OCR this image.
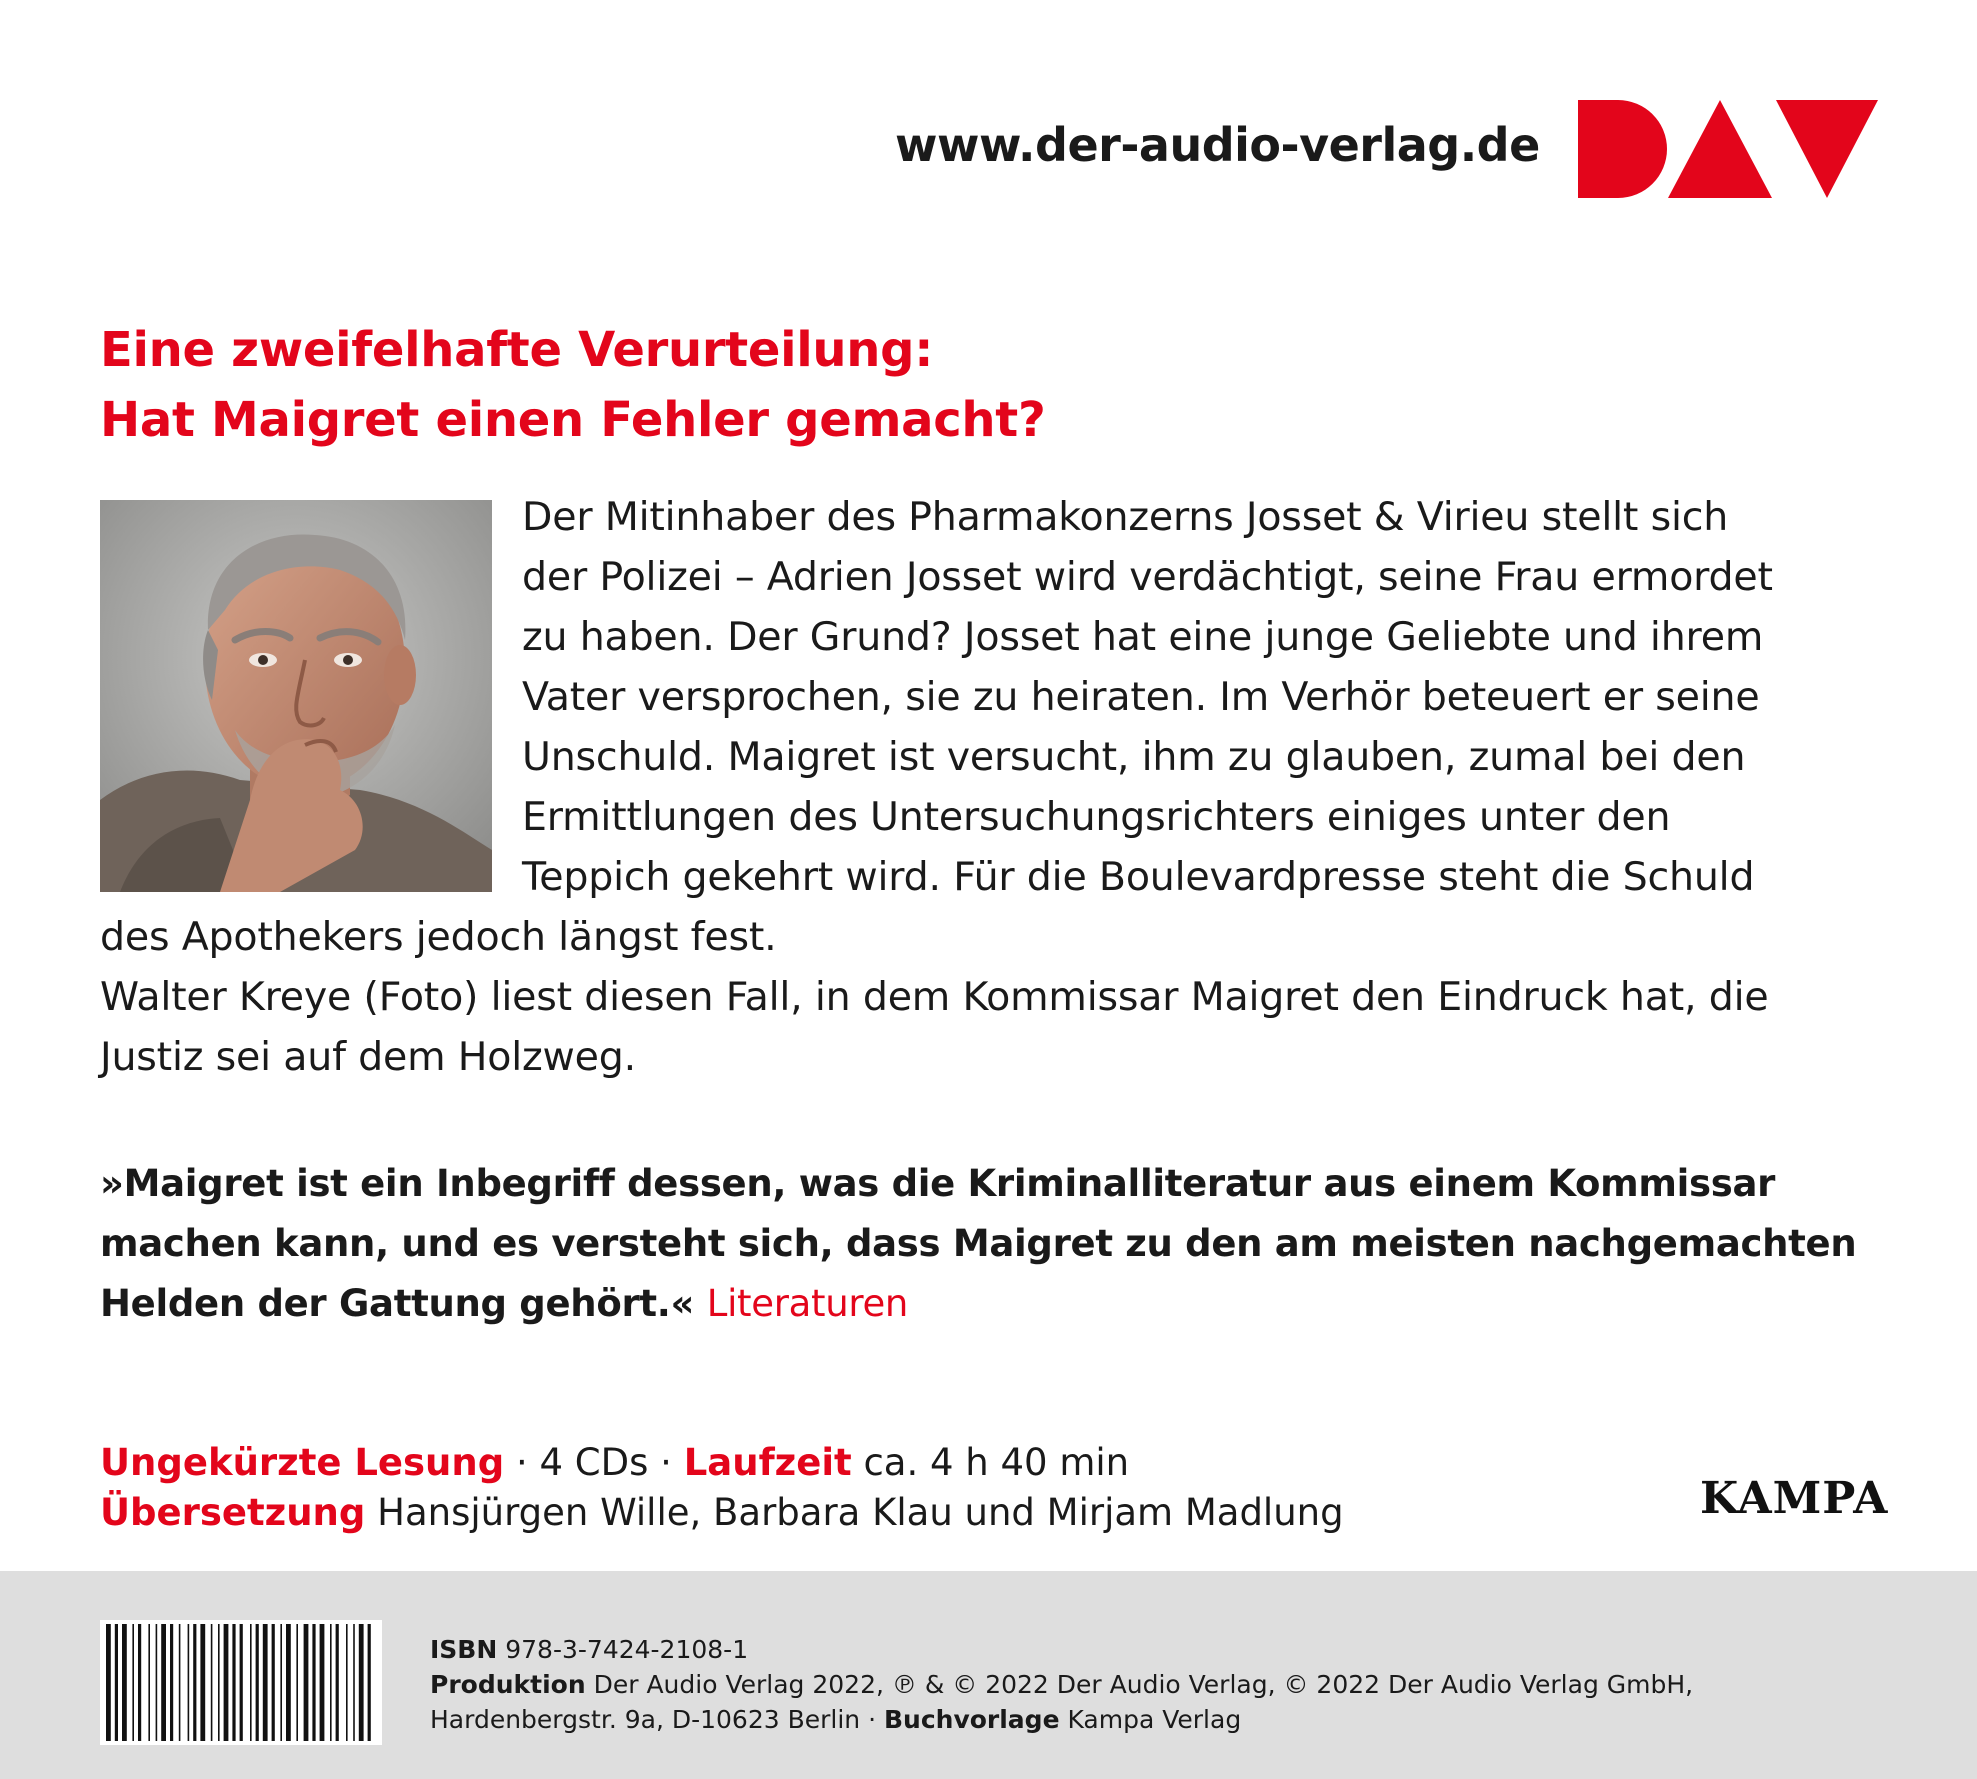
www.der-audio-verlag.de
Eine zweifelhafte Verurteilung:
Hat Maigret einen Fehler gemacht?
Der Mitinhaber des Pharmakonzerns Josset & Virieu stellt sich
der Polizei – Adrien Josset wird verdächtigt, seine Frau ermordet
zu haben. Der Grund? Josset hat eine junge Geliebte und ihrem
Vater versprochen, sie zu heiraten. Im Verhör beteuert er seine
Unschuld. Maigret ist versucht, ihm zu glauben, zumal bei den
Ermittlungen des Untersuchungsrichters einiges unter den
Teppich gekehrt wird. Für die Boulevardpresse steht die Schuld
des Apothekers jedoch längst fest.
Walter Kreye (Foto) liest diesen Fall, in dem Kommissar Maigret den Eindruck hat, die
Justiz sei auf dem Holzweg.
»Maigret ist ein Inbegriff dessen, was die Kriminalliteratur aus einem Kommissar
machen kann, und es versteht sich, dass Maigret zu den am meisten nachgemachten
Helden der Gattung gehört.« Literaturen
Ungekürzte Lesung · 4 CDs · Laufzeit ca. 4 h 40 min
Übersetzung Hansjürgen Wille, Barbara Klau und Mirjam Madlung	KAMPA
ISBN 978-3-7424-2108-1
Produktion Der Audio Verlag 2022, ℗ & © 2022 Der Audio Verlag, © 2022 Der Audio Verlag GmbH,
Hardenbergstr. 9a, D-10623 Berlin · Buchvorlage Kampa Verlag
